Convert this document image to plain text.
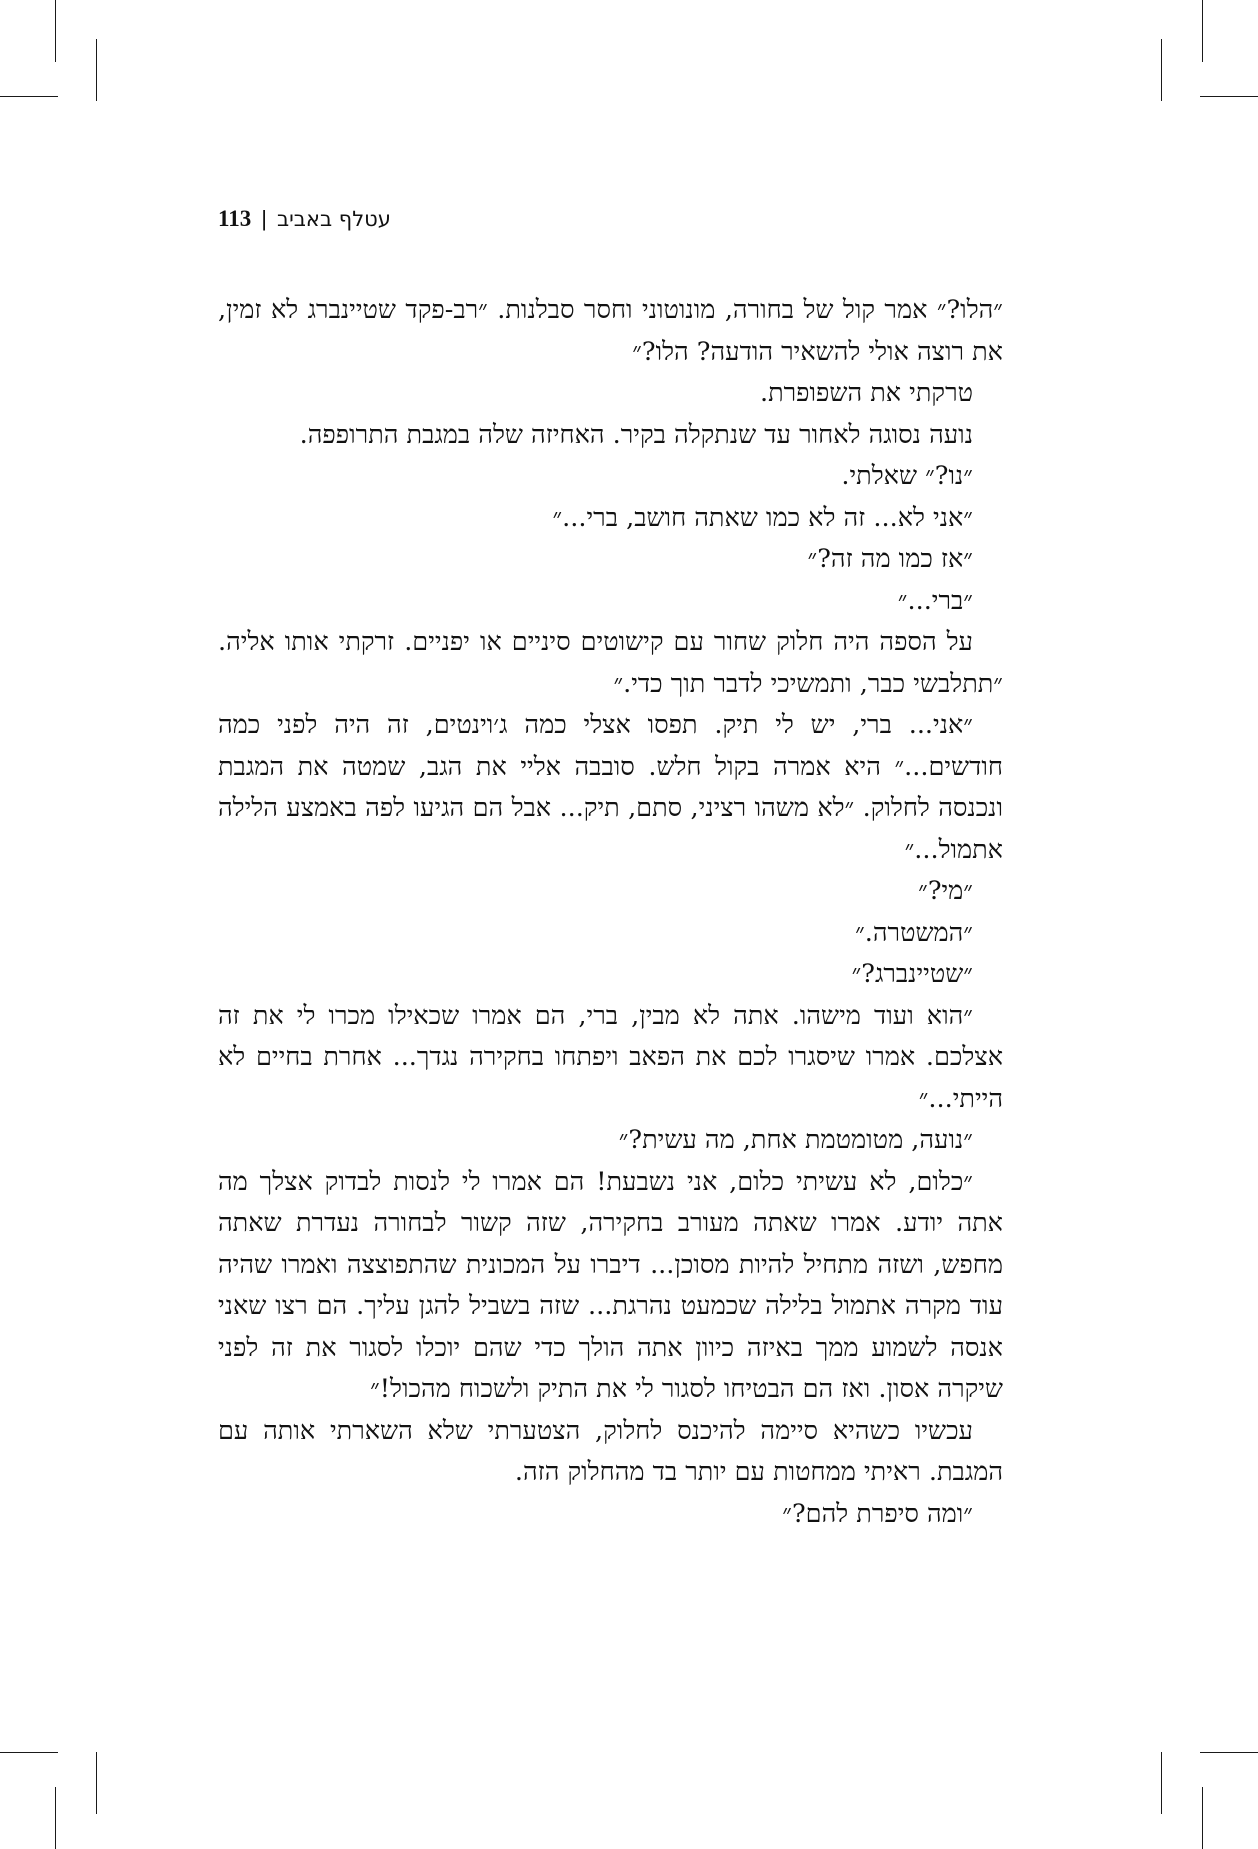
113 | עטלף באביב

״הלו?״ אמר קול של בחורה, מונוטוני וחסר סבלנות. ״רב-פקד שטיינברג לא זמין, את רוצה אולי להשאיר הודעה? הלו?״

טרקתי את השפופרת.

נועה נסוגה לאחור עד שנתקלה בקיר. האחיזה שלה במגבת התרופפה.

״נו?״ שאלתי.

״אני לא... זה לא כמו שאתה חושב, ברי...״

״אז כמו מה זה?״

״ברי...״

על הספה היה חלוק שחור עם קישוטים סיניים או יפניים. זרקתי אותו אליה. ״תתלבשי כבר, ותמשיכי לדבר תוך כדי.״

״אני... ברי, יש לי תיק. תפסו אצלי כמה ג׳וינטים, זה היה לפני כמה חודשים...״ היא אמרה בקול חלש. סובבה אליי את הגב, שמטה את המגבת ונכנסה לחלוק. ״לא משהו רציני, סתם, תיק... אבל הם הגיעו לפה באמצע הלילה אתמול...״

״מי?״

״המשטרה.״

״שטיינברג?״

״הוא ועוד מישהו. אתה לא מבין, ברי, הם אמרו שכאילו מכרו לי את זה אצלכם. אמרו שיסגרו לכם את הפאב ויפתחו בחקירה נגדך... אחרת בחיים לא הייתי...״

״נועה, מטומטמת אחת, מה עשית?״

״כלום, לא עשיתי כלום, אני נשבעת! הם אמרו לי לנסות לבדוק אצלך מה אתה יודע. אמרו שאתה מעורב בחקירה, שזה קשור לבחורה נעדרת שאתה מחפש, ושזה מתחיל להיות מסוכן... דיברו על המכונית שהתפוצצה ואמרו שהיה עוד מקרה אתמול בלילה שכמעט נהרגת... שזה בשביל להגן עליך. הם רצו שאני אנסה לשמוע ממך באיזה כיוון אתה הולך כדי שהם יוכלו לסגור את זה לפני שיקרה אסון. ואז הם הבטיחו לסגור לי את התיק ולשכוח מהכול!״

עכשיו כשהיא סיימה להיכנס לחלוק, הצטערתי שלא השארתי אותה עם המגבת. ראיתי ממחטות עם יותר בד מהחלוק הזה.

״ומה סיפרת להם?״
